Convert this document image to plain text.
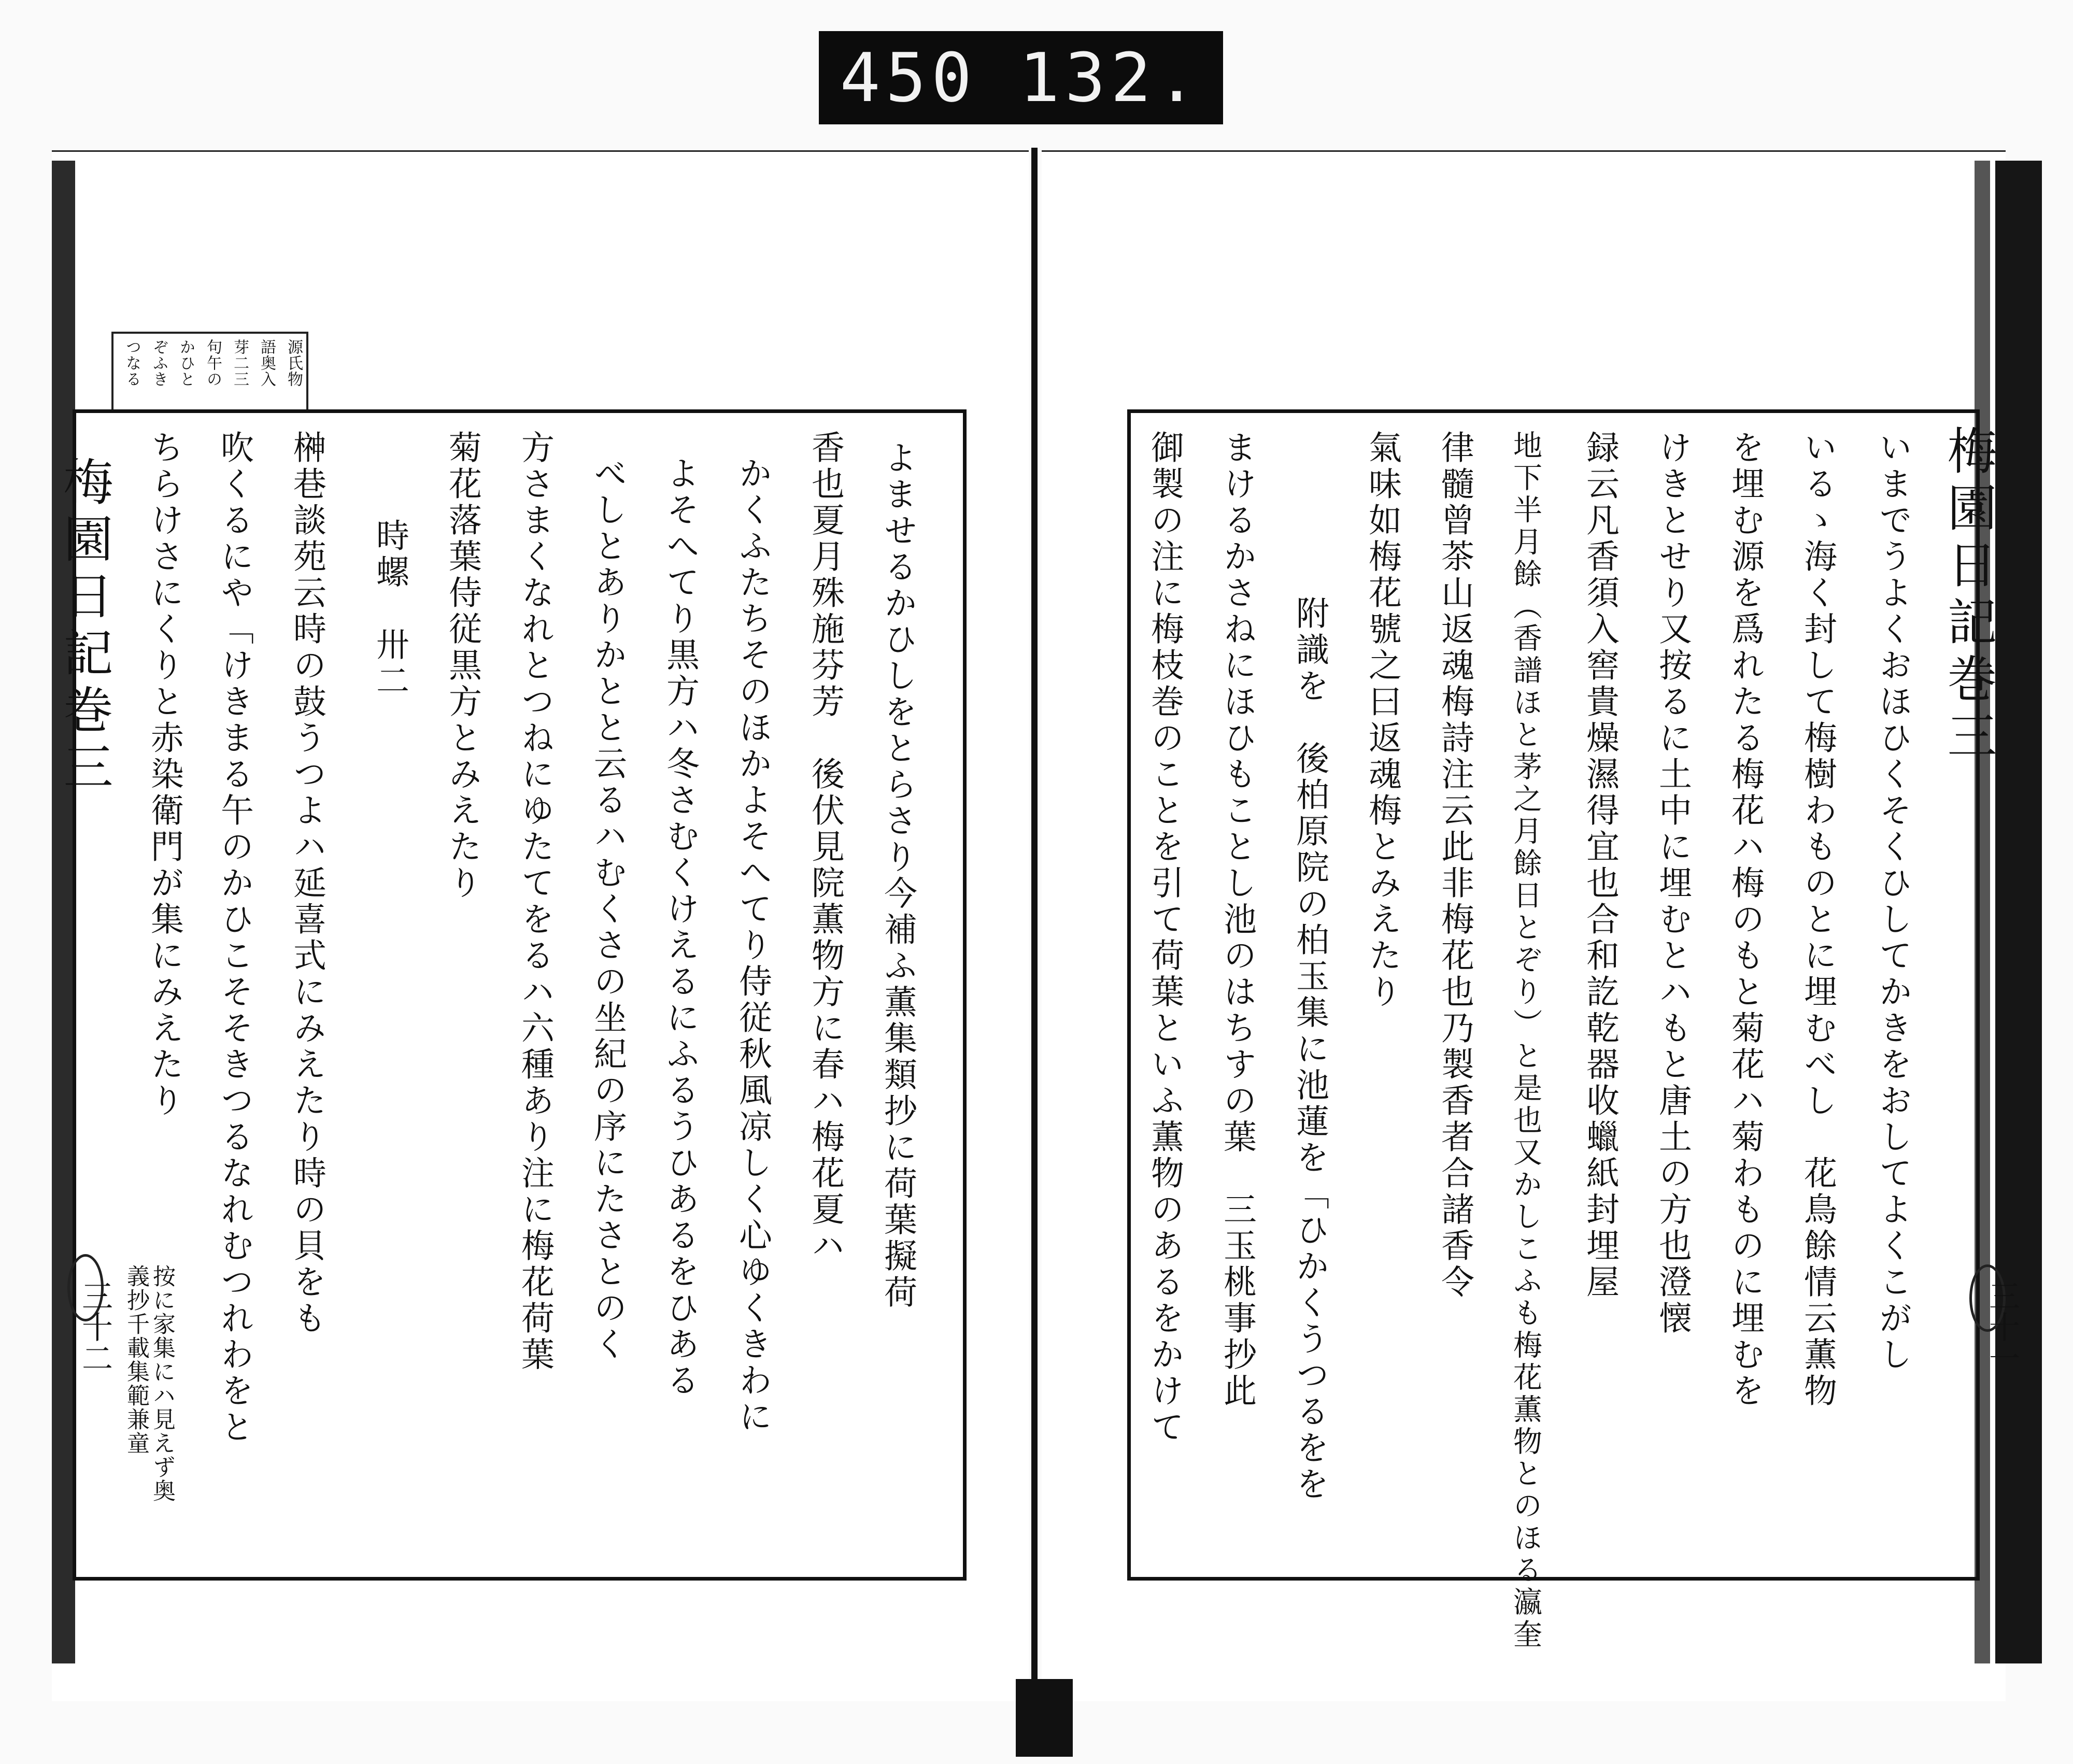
450 132.
梅園日記巻三
梅園日記巻三
三十一
三十二
源氏物
語奥入
芽二三
句午の
かひと
ぞふき
つなる
いまでうよくおほひくそくひしてかきをおしてよくこがし
いるゝ海く封して梅樹わものとに埋むべし　花鳥餘情云薫物
を埋む源を爲れたる梅花ハ梅のもと菊花ハ菊わものに埋むを
けきとせり又按るに土中に埋むとハもと唐土の方也澄懐
録云凡香須入窖貴燥濕得宜也合和訖乾器收蠟紙封埋屋
地下半月餘（香譜ほと茅之月餘日とぞり）と是也又かしこふも梅花薫物とのほる瀛奎
律髓曾茶山返魂梅詩注云此非梅花也乃製香者合諸香令
氣味如梅花號之曰返魂梅とみえたり
附識を　後柏原院の柏玉集に池蓮を「ひかくうつるをを
まけるかさねにほひもことし池のはちすの葉　三玉桃事抄此
御製の注に梅枝巻のことを引て荷葉といふ薫物のあるをかけて
よませるかひしをとらさり今補ふ薫集類抄に荷葉擬荷
香也夏月殊施芬芳　後伏見院薫物方に春ハ梅花夏ハ
かくふたちそのほかよそへてり侍従秋風凉しく心ゆくきわに
よそへてり黒方ハ冬さむくけえるにふるうひあるをひある
べしとありかとと云るハむくさの坐紀の序にたさとのく
方さまくなれとつねにゆたてをるハ六種あり注に梅花荷葉
菊花落葉侍従黒方とみえたり
時螺　卅二
榊巷談苑云時の鼓うつよハ延喜式にみえたり時の貝をも
吹くるにや「けきまる午のかひこそそきつるなれむつれわをと
ちらけさにくりと赤染衛門が集にみえたり
按に家集にハ見えず奥
義抄千載集範兼童
